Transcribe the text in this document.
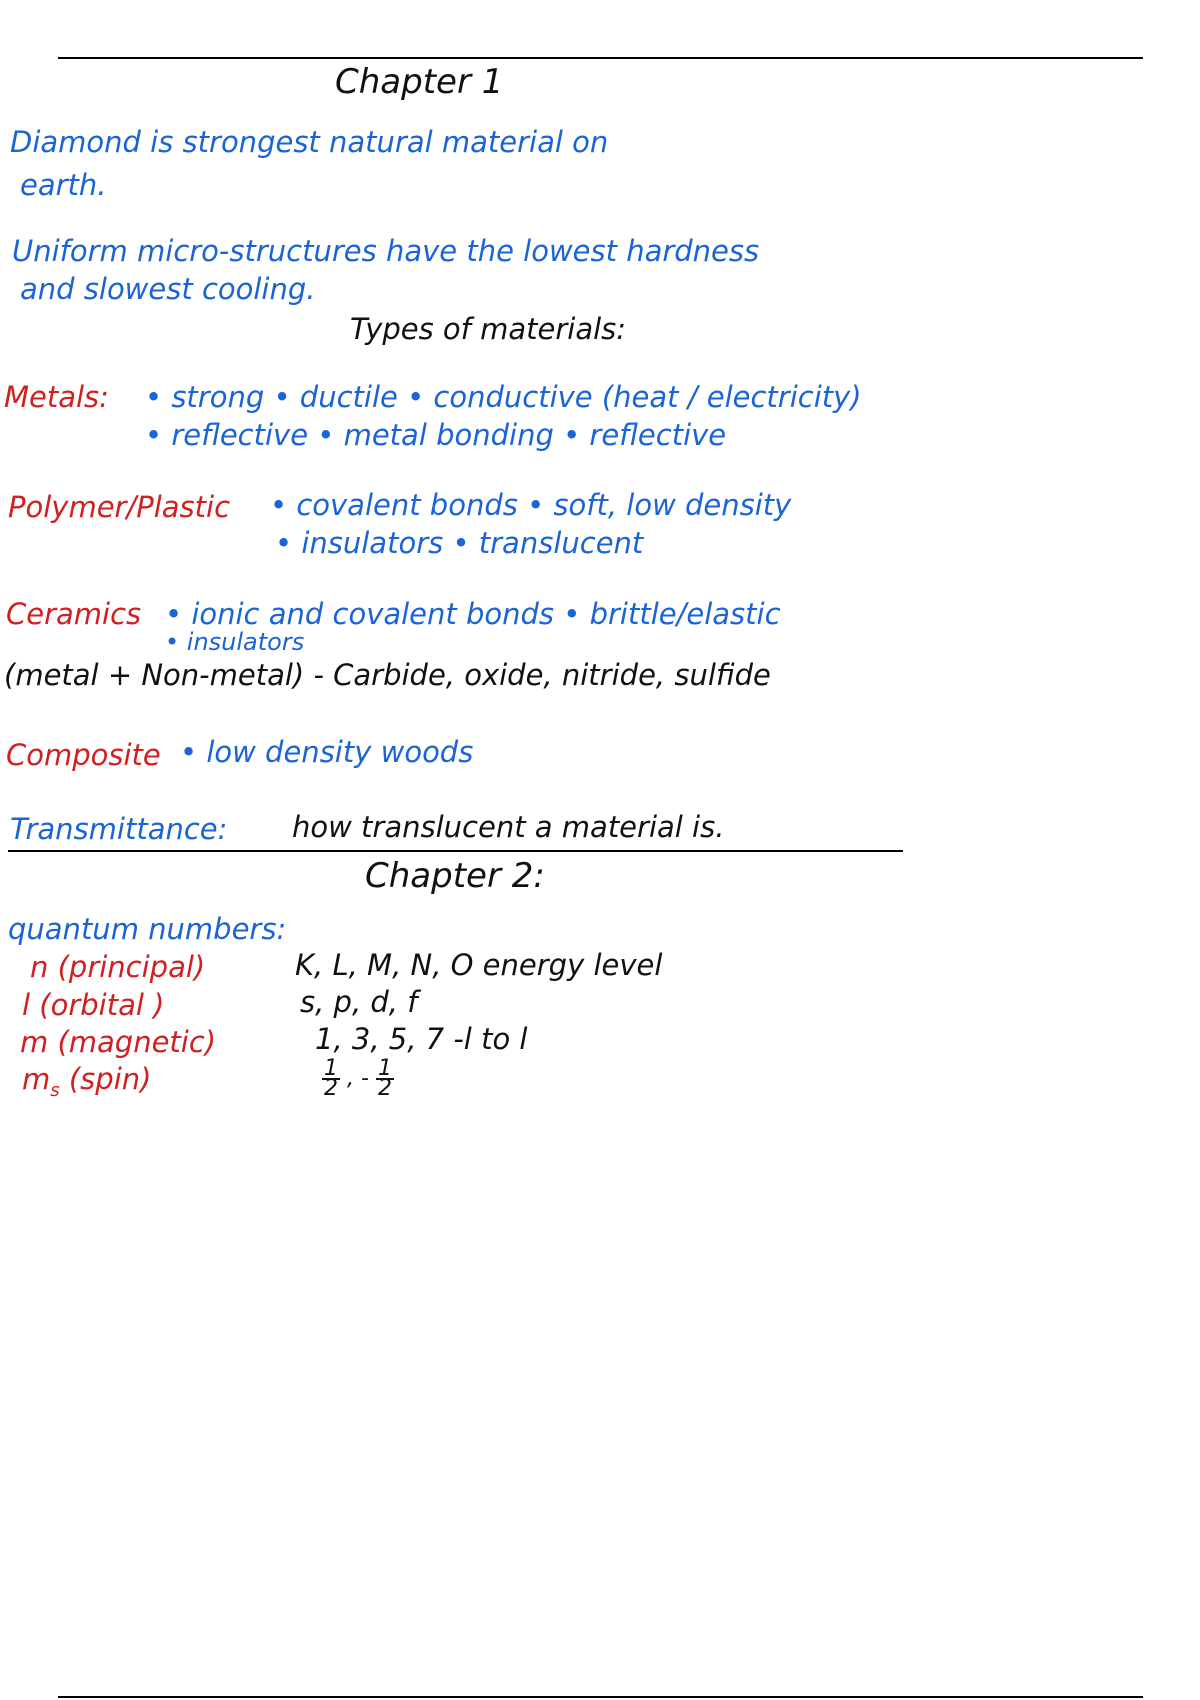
Chapter 1
Diamond is strongest natural material on
earth.
Uniform micro-structures have the lowest hardness
and slowest cooling.
Types of materials:
Metals: • strong • ductile • conductive (heat / electricity)
• reflective • metal bonding • reflective
Polymer/Plastic • covalent bonds • soft, low density
• insulators • translucent
Ceramics • ionic and covalent bonds • brittle/elastic
• insulators
(metal + Non-metal) - Carbide, oxide, nitride, sulfide
Composite • low density woods
Transmittance: how translucent a material is.
Chapter 2:
quantum numbers:
n (principal)	K, L, M, N, O energy level
l (orbital )	s, p, d, f
m (magnetic)	1, 3, 5, 7 -l to l
$m_s$ (spin)	$\frac{1}{2}$ , - $\frac{1}{2}$
